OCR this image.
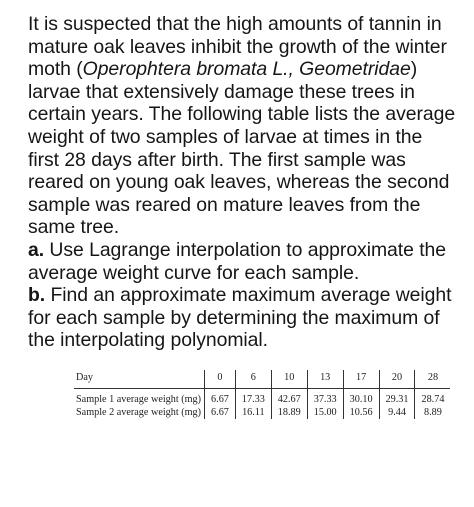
It is suspected that the high amounts of tannin in mature oak leaves inhibit the growth of the winter moth (Operophtera bromata L., Geometridae) larvae that extensively damage these trees in certain years. The following table lists the average weight of two samples of larvae at times in the first 28 days after birth. The first sample was reared on young oak leaves, whereas the second sample was reared on mature leaves from the same tree.

a. Use Lagrange interpolation to approximate the average weight curve for each sample.

b. Find an approximate maximum average weight for each sample by determining the maximum of the interpolating polynomial.

Day	0	6	10	13	17	20	28
Sample 1 average weight (mg)	6.67	17.33	42.67	37.33	30.10	29.31	28.74
Sample 2 average weight (mg)	6.67	16.11	18.89	15.00	10.56	9.44	8.89
